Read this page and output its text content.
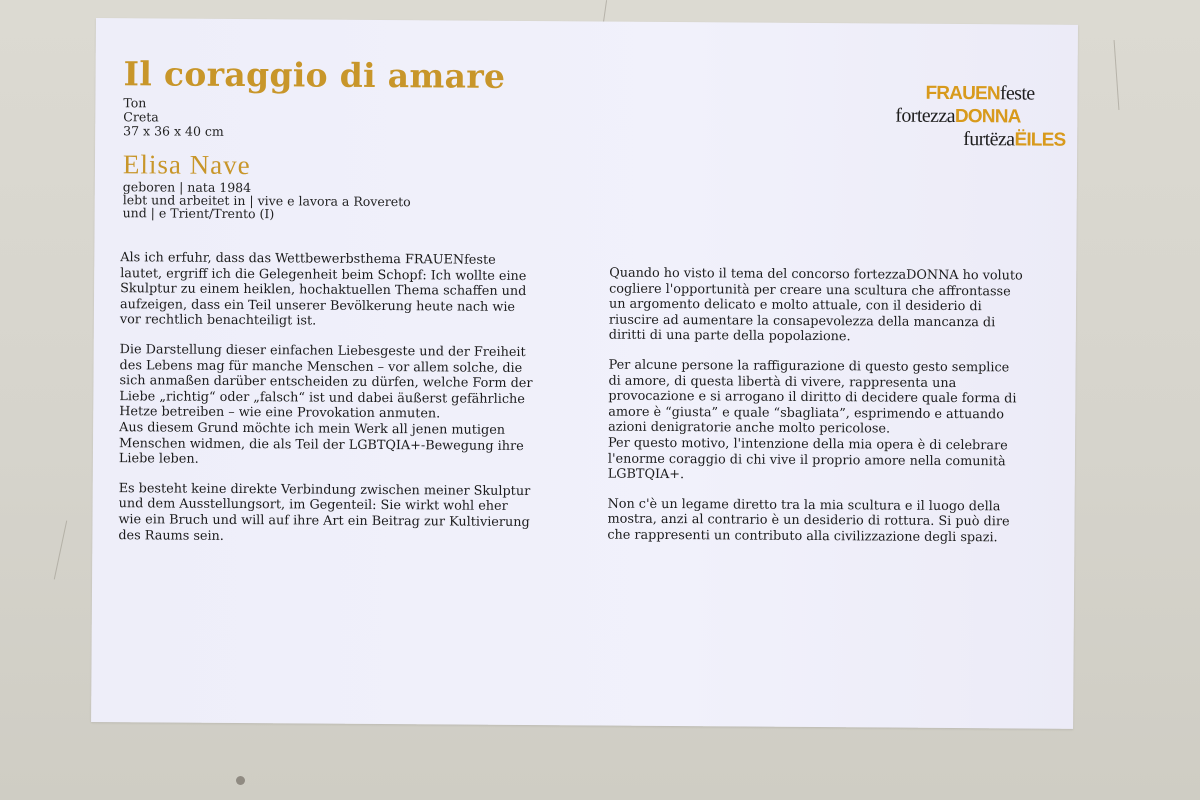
Il coraggio di amare
Ton
Creta
37 x 36 x 40 cm
Elisa Nave
geboren | nata 1984
lebt und arbeitet in | vive e lavora a Rovereto
und | e Trient/Trento (I)
FRAUENfeste
fortezzaDONNA
furtëzaËILES

Als ich erfuhr, dass das Wettbewerbsthema FRAUENfeste
lautet, ergriff ich die Gelegenheit beim Schopf: Ich wollte eine
Skulptur zu einem heiklen, hochaktuellen Thema schaffen und
aufzeigen, dass ein Teil unserer Bevölkerung heute nach wie
vor rechtlich benachteiligt ist.

Die Darstellung dieser einfachen Liebesgeste und der Freiheit
des Lebens mag für manche Menschen – vor allem solche, die
sich anmaßen darüber entscheiden zu dürfen, welche Form der
Liebe „richtig“ oder „falsch“ ist und dabei äußerst gefährliche
Hetze betreiben – wie eine Provokation anmuten.
Aus diesem Grund möchte ich mein Werk all jenen mutigen
Menschen widmen, die als Teil der LGBTQIA+-Bewegung ihre
Liebe leben.

Es besteht keine direkte Verbindung zwischen meiner Skulptur
und dem Ausstellungsort, im Gegenteil: Sie wirkt wohl eher
wie ein Bruch und will auf ihre Art ein Beitrag zur Kultivierung
des Raums sein.

Quando ho visto il tema del concorso fortezzaDONNA ho voluto
cogliere l'opportunità per creare una scultura che affrontasse
un argomento delicato e molto attuale, con il desiderio di
riuscire ad aumentare la consapevolezza della mancanza di
diritti di una parte della popolazione.

Per alcune persone la raffigurazione di questo gesto semplice
di amore, di questa libertà di vivere, rappresenta una
provocazione e si arrogano il diritto di decidere quale forma di
amore è “giusta” e quale “sbagliata”, esprimendo e attuando
azioni denigratorie anche molto pericolose.
Per questo motivo, l'intenzione della mia opera è di celebrare
l'enorme coraggio di chi vive il proprio amore nella comunità
LGBTQIA+.

Non c'è un legame diretto tra la mia scultura e il luogo della
mostra, anzi al contrario è un desiderio di rottura. Si può dire
che rappresenti un contributo alla civilizzazione degli spazi.
